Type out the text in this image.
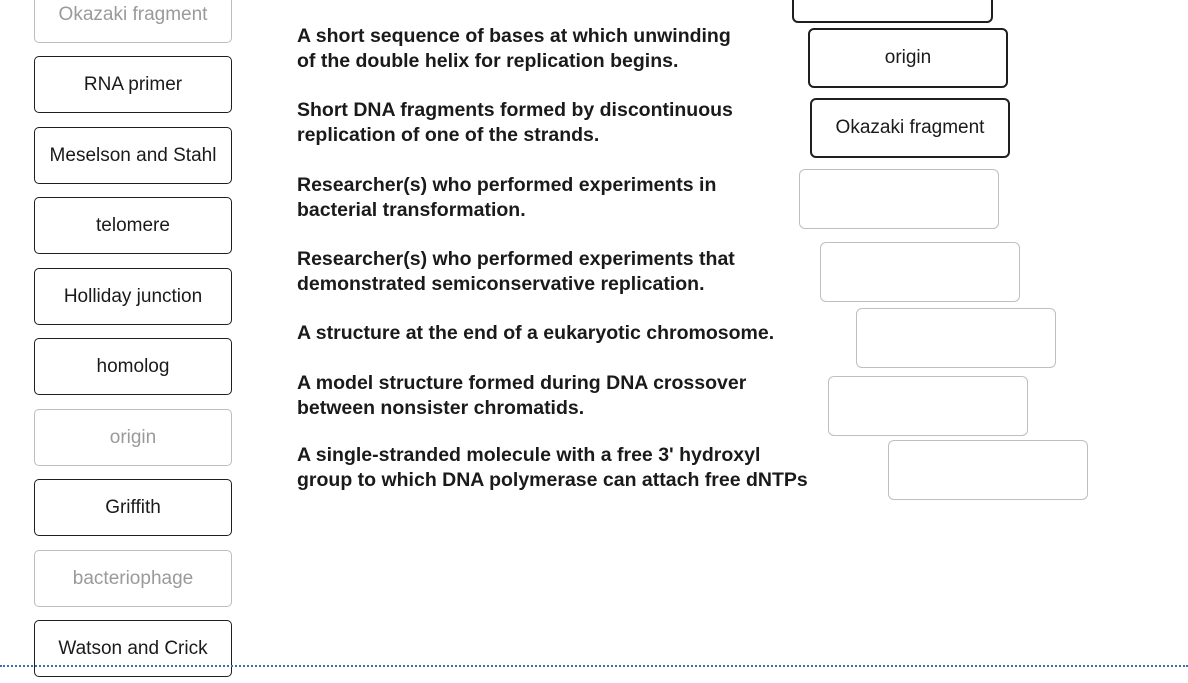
Okazaki fragment
RNA primer
Meselson and Stahl
telomere
Holliday junction
homolog
origin
Griffith
bacteriophage
Watson and Crick
A short sequence of bases at which unwinding
of the double helix for replication begins.	origin
Short DNA fragments formed by discontinuous
replication of one of the strands.	Okazaki fragment
Researcher(s) who performed experiments in
bacterial transformation.
Researcher(s) who performed experiments that
demonstrated semiconservative replication.
A structure at the end of a eukaryotic chromosome.
A model structure formed during DNA crossover
between nonsister chromatids.
A single-stranded molecule with a free 3' hydroxyl
group to which DNA polymerase can attach free dNTPs
